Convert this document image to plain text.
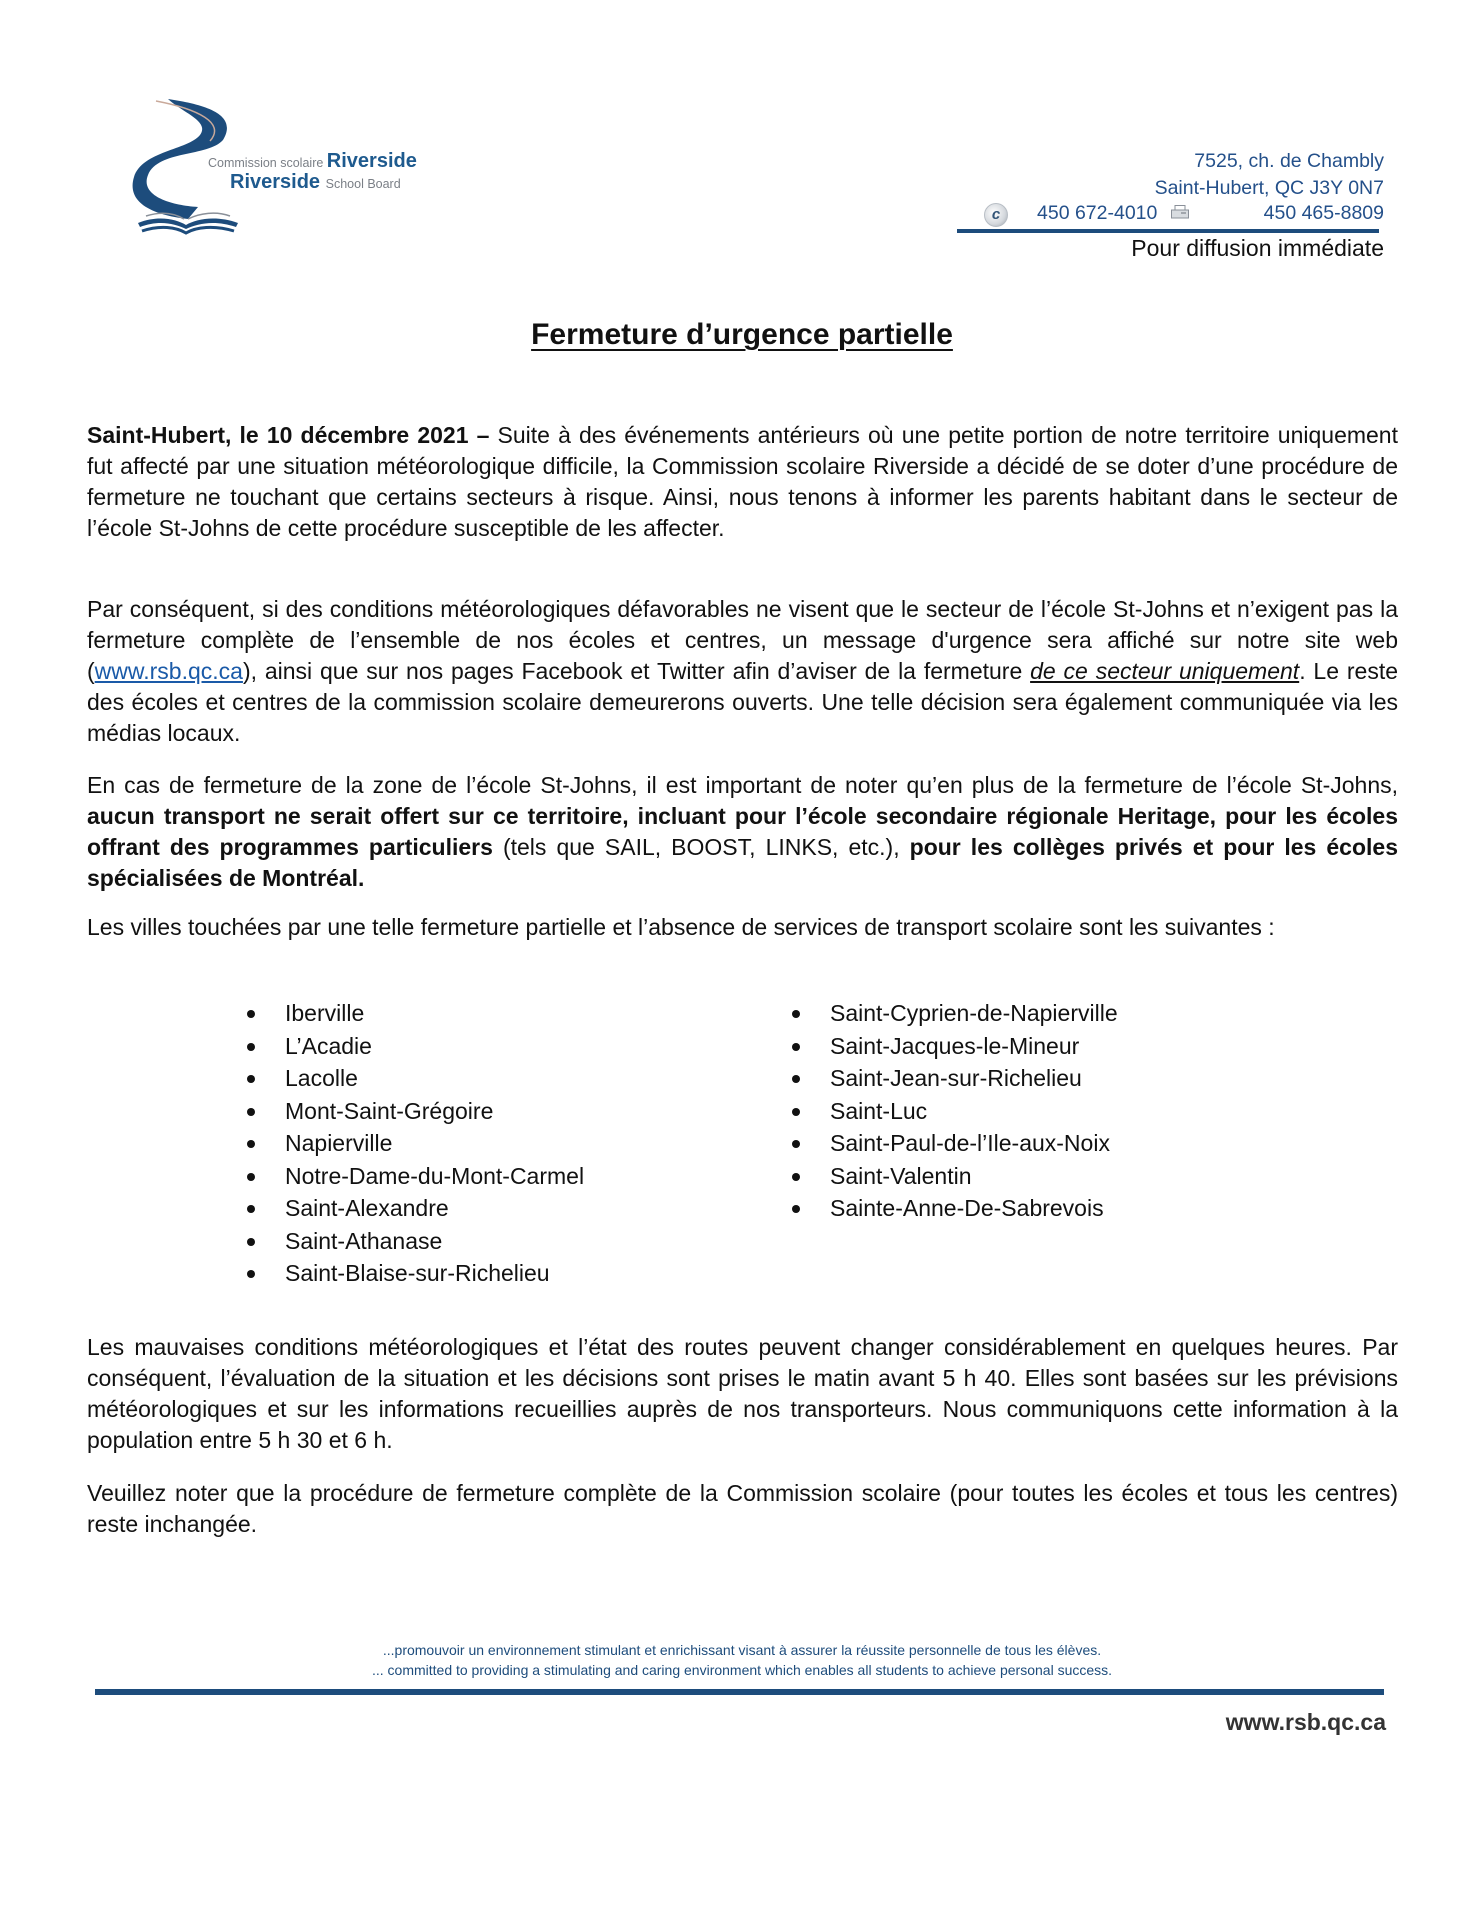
Commission scolaire Riverside
Riverside School Board
7525, ch. de Chambly
Saint-Hubert, QC J3Y 0N7
c	450 672-4010	450 465-8809
Pour diffusion immédiate
Fermeture d’urgence partielle

Saint-Hubert, le 10 décembre 2021 – Suite à des événements antérieurs où une petite portion de notre territoire uniquement fut affecté par une situation météorologique difficile, la Commission scolaire Riverside a décidé de se doter d’une procédure de fermeture ne touchant que certains secteurs à risque. Ainsi, nous tenons à informer les parents habitant dans le secteur de l’école St-Johns de cette procédure susceptible de les affecter.

Par conséquent, si des conditions météorologiques défavorables ne visent que le secteur de l’école St-Johns et n’exigent pas la fermeture complète de l’ensemble de nos écoles et centres, un message d'urgence sera affiché sur notre site web (www.rsb.qc.ca), ainsi que sur nos pages Facebook et Twitter afin d’aviser de la fermeture de ce secteur uniquement. Le reste des écoles et centres de la commission scolaire demeurerons ouverts. Une telle décision sera également communiquée via les médias locaux.

En cas de fermeture de la zone de l’école St-Johns, il est important de noter qu’en plus de la fermeture de l’école St-Johns, aucun transport ne serait offert sur ce territoire, incluant pour l’école secondaire régionale Heritage, pour les écoles offrant des programmes particuliers (tels que SAIL, BOOST, LINKS, etc.), pour les collèges privés et pour les écoles spécialisées de Montréal.

Les villes touchées par une telle fermeture partielle et l’absence de services de transport scolaire sont les suivantes :

Iberville
L’Acadie
Lacolle
Mont-Saint-Grégoire
Napierville
Notre-Dame-du-Mont-Carmel
Saint-Alexandre
Saint-Athanase
Saint-Blaise-sur-Richelieu
Saint-Cyprien-de-Napierville
Saint-Jacques-le-Mineur
Saint-Jean-sur-Richelieu
Saint-Luc
Saint-Paul-de-l’Ile-aux-Noix
Saint-Valentin
Sainte-Anne-De-Sabrevois

Les mauvaises conditions météorologiques et l’état des routes peuvent changer considérablement en quelques heures. Par conséquent, l’évaluation de la situation et les décisions sont prises le matin avant 5 h 40. Elles sont basées sur les prévisions météorologiques et sur les informations recueillies auprès de nos transporteurs. Nous communiquons cette information à la population entre 5 h 30 et 6 h.

Veuillez noter que la procédure de fermeture complète de la Commission scolaire (pour toutes les écoles et tous les centres) reste inchangée.

...promouvoir un environnement stimulant et enrichissant visant à assurer la réussite personnelle de tous les élèves.
... committed to providing a stimulating and caring environment which enables all students to achieve personal success.
www.rsb.qc.ca
